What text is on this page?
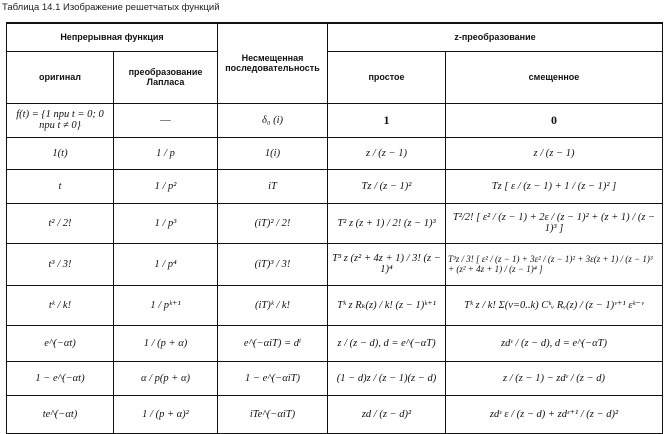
Таблица 14.1 Изображение решетчатых функций
Непрерывная функция		Несмещенная последовательность	z-преобразование	
оригинал	преобразование Лапласа		простое	смещенное
f(t) = {1 при t = 0; 0 при t ≠ 0}	—	δ₀ (i)	1	0
1(t)	1 / p	1(i)	z / (z − 1)	z / (z − 1)
t	1 / p²	iT	Tz / (z − 1)²	Tz [ ε / (z − 1) + 1 / (z − 1)² ]
t² / 2!	1 / p³	(iT)² / 2!	T² z (z + 1) / 2! (z − 1)³	T²/2! [ ε² / (z − 1) + 2ε / (z − 1)² + (z + 1) / (z − 1)³ ]
t³ / 3!	1 / p⁴	(iT)³ / 3!	T³ z (z² + 4z + 1) / 3! (z − 1)⁴	T³z / 3! [ ε² / (z − 1) + 3ε² / (z − 1)² + 3ε(z + 1) / (z − 1)³ + (z² + 4z + 1) / (z − 1)⁴ ]
tᵏ / k!	1 / pᵏ⁺¹	(iT)ᵏ / k!	Tᵏ z Rₖ(z) / k! (z − 1)ᵏ⁺¹	Tᵏ z / k! Σ(v=0..k) Cᵏᵥ Rᵥ(z) / (z − 1)ᵛ⁺¹ εᵏ⁻ᵛ
e^(−αt)	1 / (p + α)	e^(−αiT) = dⁱ	z / (z − d), d = e^(−αT)	zdᵋ / (z − d), d = e^(−αT)
1 − e^(−αt)	α / p(p + α)	1 − e^(−αiT)	(1 − d)z / (z − 1)(z − d)	z / (z − 1) − zdᵋ / (z − d)
te^(−αt)	1 / (p + α)²	iTe^(−αiT)	zd / (z − d)²	zdᵋ ε / (z − d) + zdᵋ⁺¹ / (z − d)²
